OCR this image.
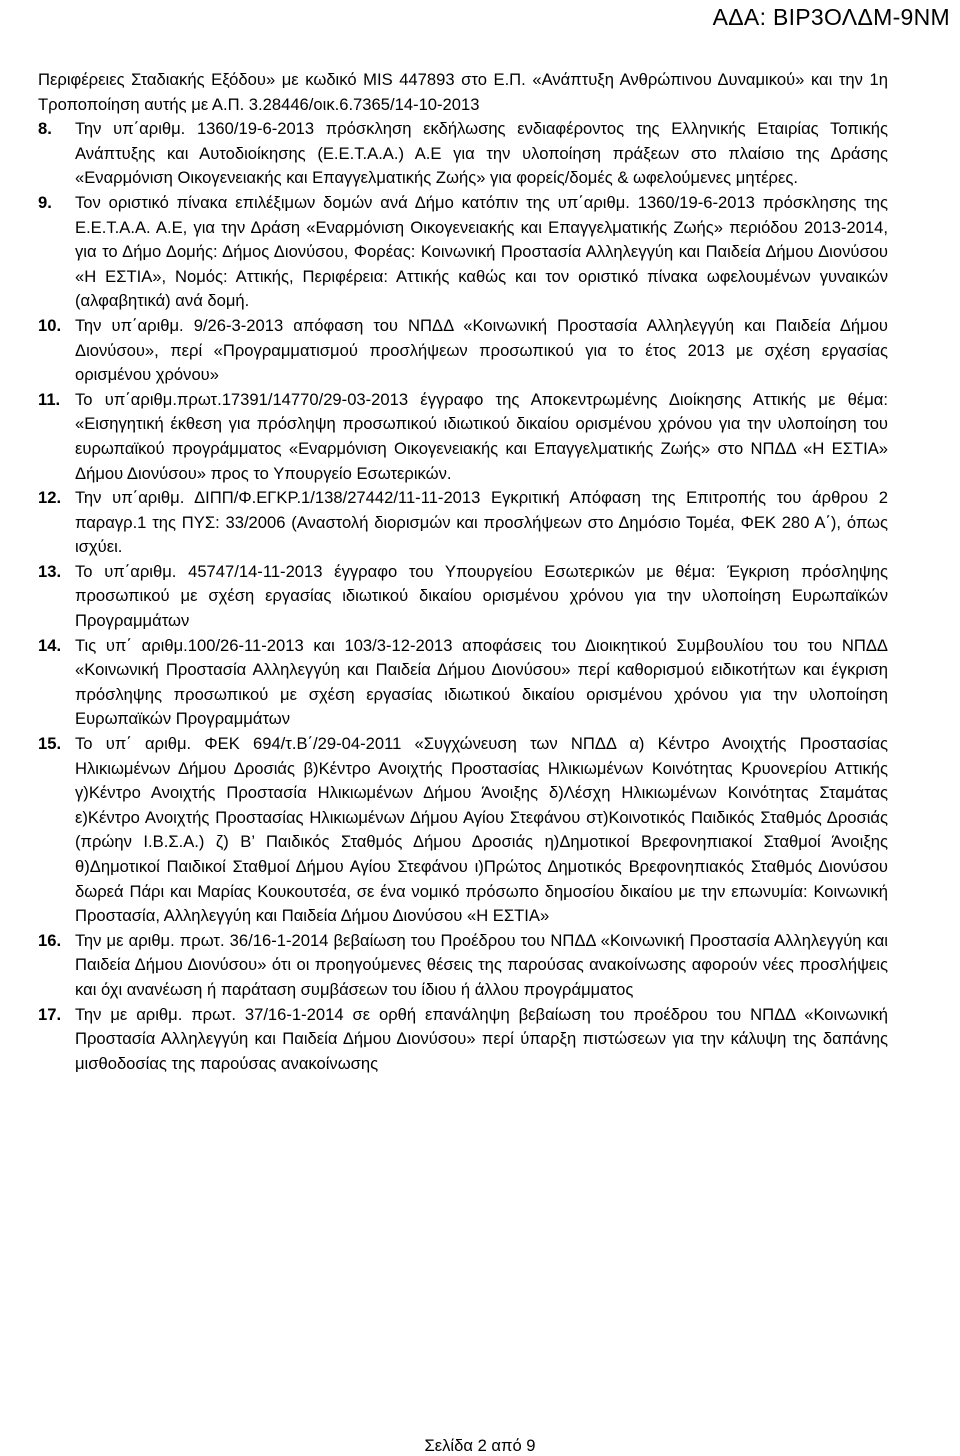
ΑΔΑ: ΒΙΡ3ΟΛΔΜ-9ΝΜ

Περιφέρειες Σταδιακής Εξόδου» με κωδικό MIS 447893 στο Ε.Π. «Ανάπτυξη Ανθρώπινου Δυναμικού» και την 1η Τροποποίηση αυτής με Α.Π. 3.28446/οικ.6.7365/14-10-2013

8.	Την υπ΄αριθμ. 1360/19-6-2013 πρόσκληση εκδήλωσης ενδιαφέροντος της Ελληνικής Εταιρίας Τοπικής Ανάπτυξης και Αυτοδιοίκησης (Ε.Ε.Τ.Α.Α.) Α.Ε για την υλοποίηση πράξεων στο πλαίσιο της Δράσης «Εναρμόνιση Οικογενειακής και Επαγγελματικής Ζωής» για φορείς/δομές & ωφελούμενες μητέρες.
9.	Τον οριστικό πίνακα επιλέξιμων δομών ανά Δήμο κατόπιν της υπ΄αριθμ. 1360/19-6-2013 πρόσκλησης της Ε.Ε.Τ.Α.Α. Α.Ε, για την Δράση «Εναρμόνιση Οικογενειακής και Επαγγελματικής Ζωής» περιόδου 2013-2014, για το Δήμο Δομής: Δήμος Διονύσου, Φορέας: Κοινωνική Προστασία Αλληλεγγύη και Παιδεία Δήμου Διονύσου «Η ΕΣΤΙΑ», Νομός: Αττικής, Περιφέρεια: Αττικής καθώς και τον οριστικό πίνακα ωφελουμένων γυναικών (αλφαβητικά) ανά δομή.
10. Την υπ΄αριθμ. 9/26-3-2013 απόφαση του ΝΠΔΔ «Κοινωνική Προστασία Αλληλεγγύη και Παιδεία Δήμου Διονύσου», περί «Προγραμματισμού προσλήψεων προσωπικού για το έτος 2013 με σχέση εργασίας ορισμένου χρόνου»
11. Το υπ΄αριθμ.πρωτ.17391/14770/29-03-2013 έγγραφο της Αποκεντρωμένης Διοίκησης Αττικής με θέμα: «Εισηγητική έκθεση για πρόσληψη προσωπικού ιδιωτικού δικαίου ορισμένου χρόνου για την υλοποίηση του ευρωπαϊκού προγράμματος «Εναρμόνιση Οικογενειακής και Επαγγελματικής Ζωής» στο ΝΠΔΔ «Η ΕΣΤΙΑ» Δήμου Διονύσου» προς το Υπουργείο Εσωτερικών.
12. Την υπ΄αριθμ. ΔΙΠΠ/Φ.ΕΓΚΡ.1/138/27442/11-11-2013 Εγκριτική Απόφαση της Επιτροπής του άρθρου 2 παραγρ.1 της ΠΥΣ: 33/2006 (Αναστολή διορισμών και προσλήψεων στο Δημόσιο Τομέα, ΦΕΚ 280 Α΄), όπως ισχύει.
13. Το υπ΄αριθμ. 45747/14-11-2013 έγγραφο του Υπουργείου Εσωτερικών με θέμα: Έγκριση πρόσληψης προσωπικού με σχέση εργασίας ιδιωτικού δικαίου ορισμένου χρόνου για την υλοποίηση Ευρωπαϊκών Προγραμμάτων
14. Τις υπ΄ αριθμ.100/26-11-2013 και 103/3-12-2013 αποφάσεις του Διοικητικού Συμβουλίου του του ΝΠΔΔ «Κοινωνική Προστασία Αλληλεγγύη και Παιδεία Δήμου Διονύσου» περί καθορισμού ειδικοτήτων και έγκριση πρόσληψης προσωπικού με σχέση εργασίας ιδιωτικού δικαίου ορισμένου χρόνου για την υλοποίηση Ευρωπαϊκών Προγραμμάτων
15. Το υπ΄ αριθμ. ΦΕΚ 694/τ.Β΄/29-04-2011 «Συγχώνευση των ΝΠΔΔ α) Κέντρο Ανοιχτής Προστασίας Ηλικιωμένων Δήμου Δροσιάς β)Κέντρο Ανοιχτής Προστασίας Ηλικιωμένων Κοινότητας Κρυονερίου Αττικής γ)Κέντρο Ανοιχτής Προστασία Ηλικιωμένων Δήμου Άνοιξης δ)Λέσχη Ηλικιωμένων Κοινότητας Σταμάτας ε)Κέντρο Ανοιχτής Προστασίας Ηλικιωμένων Δήμου Αγίου Στεφάνου στ)Κοινοτικός Παιδικός Σταθμός Δροσιάς (πρώην Ι.Β.Σ.Α.) ζ) Β’ Παιδικός Σταθμός Δήμου Δροσιάς η)Δημοτικοί Βρεφονηπιακοί Σταθμοί Άνοιξης θ)Δημοτικοί Παιδικοί Σταθμοί Δήμου Αγίου Στεφάνου ι)Πρώτος Δημοτικός Βρεφονηπιακός Σταθμός Διονύσου δωρεά Πάρι και Μαρίας Κουκουτσέα, σε ένα νομικό πρόσωπο δημοσίου δικαίου με την επωνυμία: Κοινωνική Προστασία, Αλληλεγγύη και Παιδεία Δήμου Διονύσου «Η ΕΣΤΙΑ»
16. Την με αριθμ. πρωτ. 36/16-1-2014 βεβαίωση του Προέδρου του ΝΠΔΔ «Κοινωνική Προστασία Αλληλεγγύη και Παιδεία Δήμου Διονύσου» ότι οι προηγούμενες θέσεις της παρούσας ανακοίνωσης αφορούν νέες προσλήψεις και όχι ανανέωση ή παράταση συμβάσεων του ίδιου ή άλλου προγράμματος
17. Την με αριθμ. πρωτ. 37/16-1-2014 σε ορθή επανάληψη βεβαίωση του προέδρου του ΝΠΔΔ «Κοινωνική Προστασία Αλληλεγγύη και Παιδεία Δήμου Διονύσου» περί ύπαρξη πιστώσεων για την κάλυψη της δαπάνης μισθοδοσίας της παρούσας ανακοίνωσης
Σελίδα 2 από 9
